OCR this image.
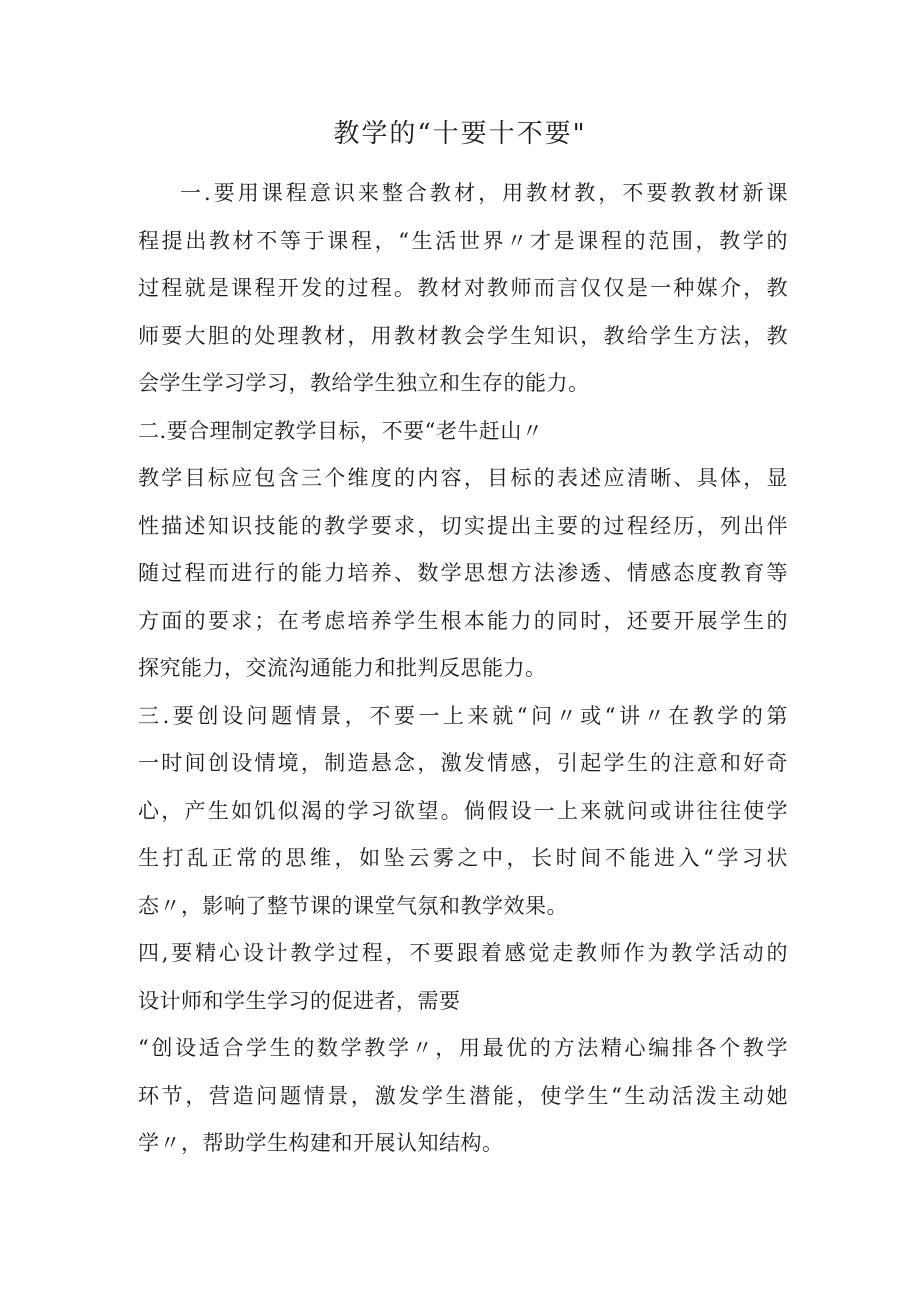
教学的“十要十不要"
一.要用课程意识来整合教材，用教材教，不要教教材新课
程提出教材不等于课程，“生活世界〃才是课程的范围，教学的
过程就是课程开发的过程。教材对教师而言仅仅是一种媒介，教
师要大胆的处理教材，用教材教会学生知识，教给学生方法，教
会学生学习学习，教给学生独立和生存的能力。
二.要合理制定教学目标，不要“老牛赶山〃
教学目标应包含三个维度的内容，目标的表述应清晰、具体，显
性描述知识技能的教学要求，切实提出主要的过程经历，列出伴
随过程而进行的能力培养、数学思想方法渗透、情感态度教育等
方面的要求；在考虑培养学生根本能力的同时，还要开展学生的
探究能力，交流沟通能力和批判反思能力。
三.要创设问题情景，不要一上来就“问〃或“讲〃在教学的第
一时间创设情境，制造悬念，激发情感，引起学生的注意和好奇
心，产生如饥似渴的学习欲望。倘假设一上来就问或讲往往使学
生打乱正常的思维，如坠云雾之中，长时间不能进入“学习状
态〃，影响了整节课的课堂气氛和教学效果。
四,要精心设计教学过程，不要跟着感觉走教师作为教学活动的
设计师和学生学习的促进者，需要
“创设适合学生的数学教学〃，用最优的方法精心编排各个教学
环节，营造问题情景，激发学生潜能，使学生“生动活泼主动她
学〃，帮助学生构建和开展认知结构。
